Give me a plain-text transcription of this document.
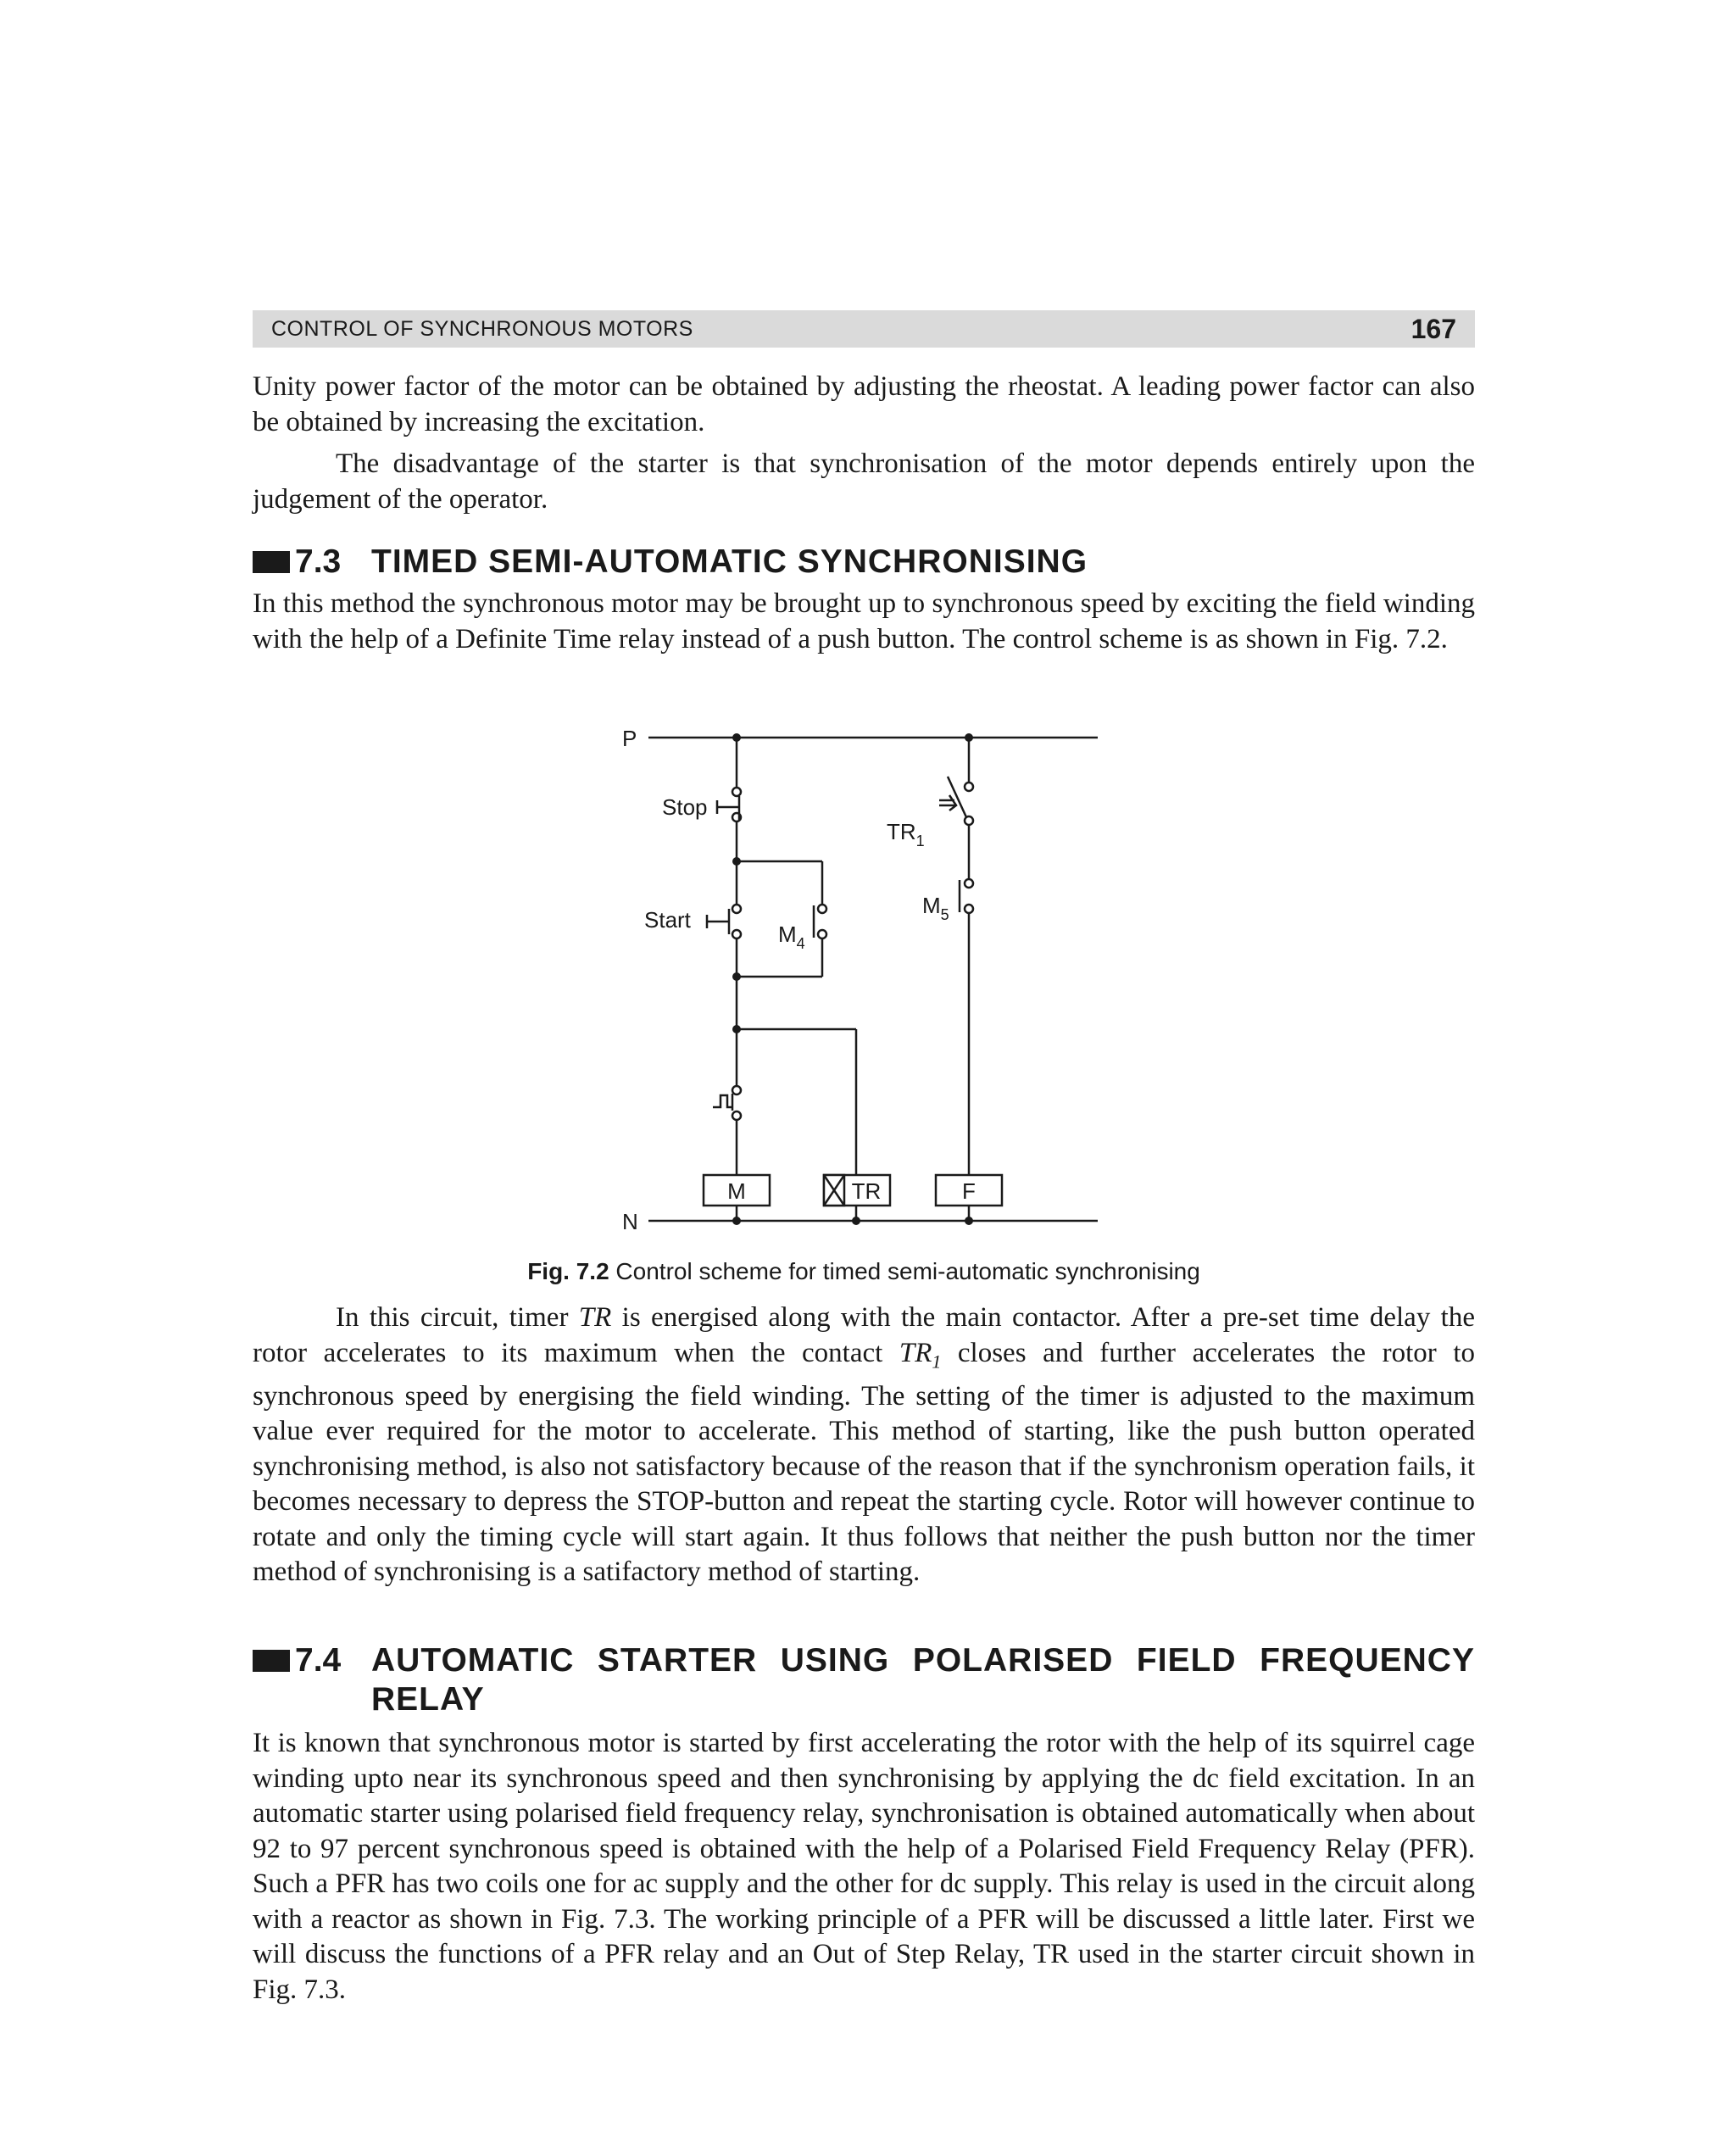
CONTROL OF SYNCHRONOUS MOTORS	167

Unity power factor of the motor can be obtained by adjusting the rheostat. A leading power factor can also be obtained by increasing the excitation.

The disadvantage of the starter is that synchronisation of the motor depends entirely upon the judgement of the operator.

7.3 TIMED SEMI-AUTOMATIC SYNCHRONISING

In this method the synchronous motor may be brought up to synchronous speed by exciting the field winding with the help of a Definite Time relay instead of a push button. The control scheme is as shown in Fig. 7.2.

P
N
Stop
Start
$M_4$
M	TR	F
$TR_1$
$M_5$
Fig. 7.2 Control scheme for timed semi-automatic synchronising

In this circuit, timer TR is energised along with the main contactor. After a pre-set time delay the rotor accelerates to its maximum when the contact $TR_1$ closes and further accelerates the rotor to synchronous speed by energising the field winding. The setting of the timer is adjusted to the maximum value ever required for the motor to accelerate. This method of starting, like the push button operated synchronising method, is also not satisfactory because of the reason that if the synchronism operation fails, it becomes necessary to depress the STOP-button and repeat the starting cycle. Rotor will however continue to rotate and only the timing cycle will start again. It thus follows that neither the push button nor the timer method of synchronising is a satifactory method of starting.

7.4 AUTOMATIC STARTER USING POLARISED FIELD FREQUENCY RELAY

It is known that synchronous motor is started by first accelerating the rotor with the help of its squirrel cage winding upto near its synchronous speed and then synchronising by applying the dc field excitation. In an automatic starter using polarised field frequency relay, synchronisation is obtained automatically when about 92 to 97 percent synchronous speed is obtained with the help of a Polarised Field Frequency Relay (PFR). Such a PFR has two coils one for ac supply and the other for dc supply. This relay is used in the circuit along with a reactor as shown in Fig. 7.3. The working principle of a PFR will be discussed a little later. First we will discuss the functions of a PFR relay and an Out of Step Relay, TR used in the starter circuit shown in Fig. 7.3.
